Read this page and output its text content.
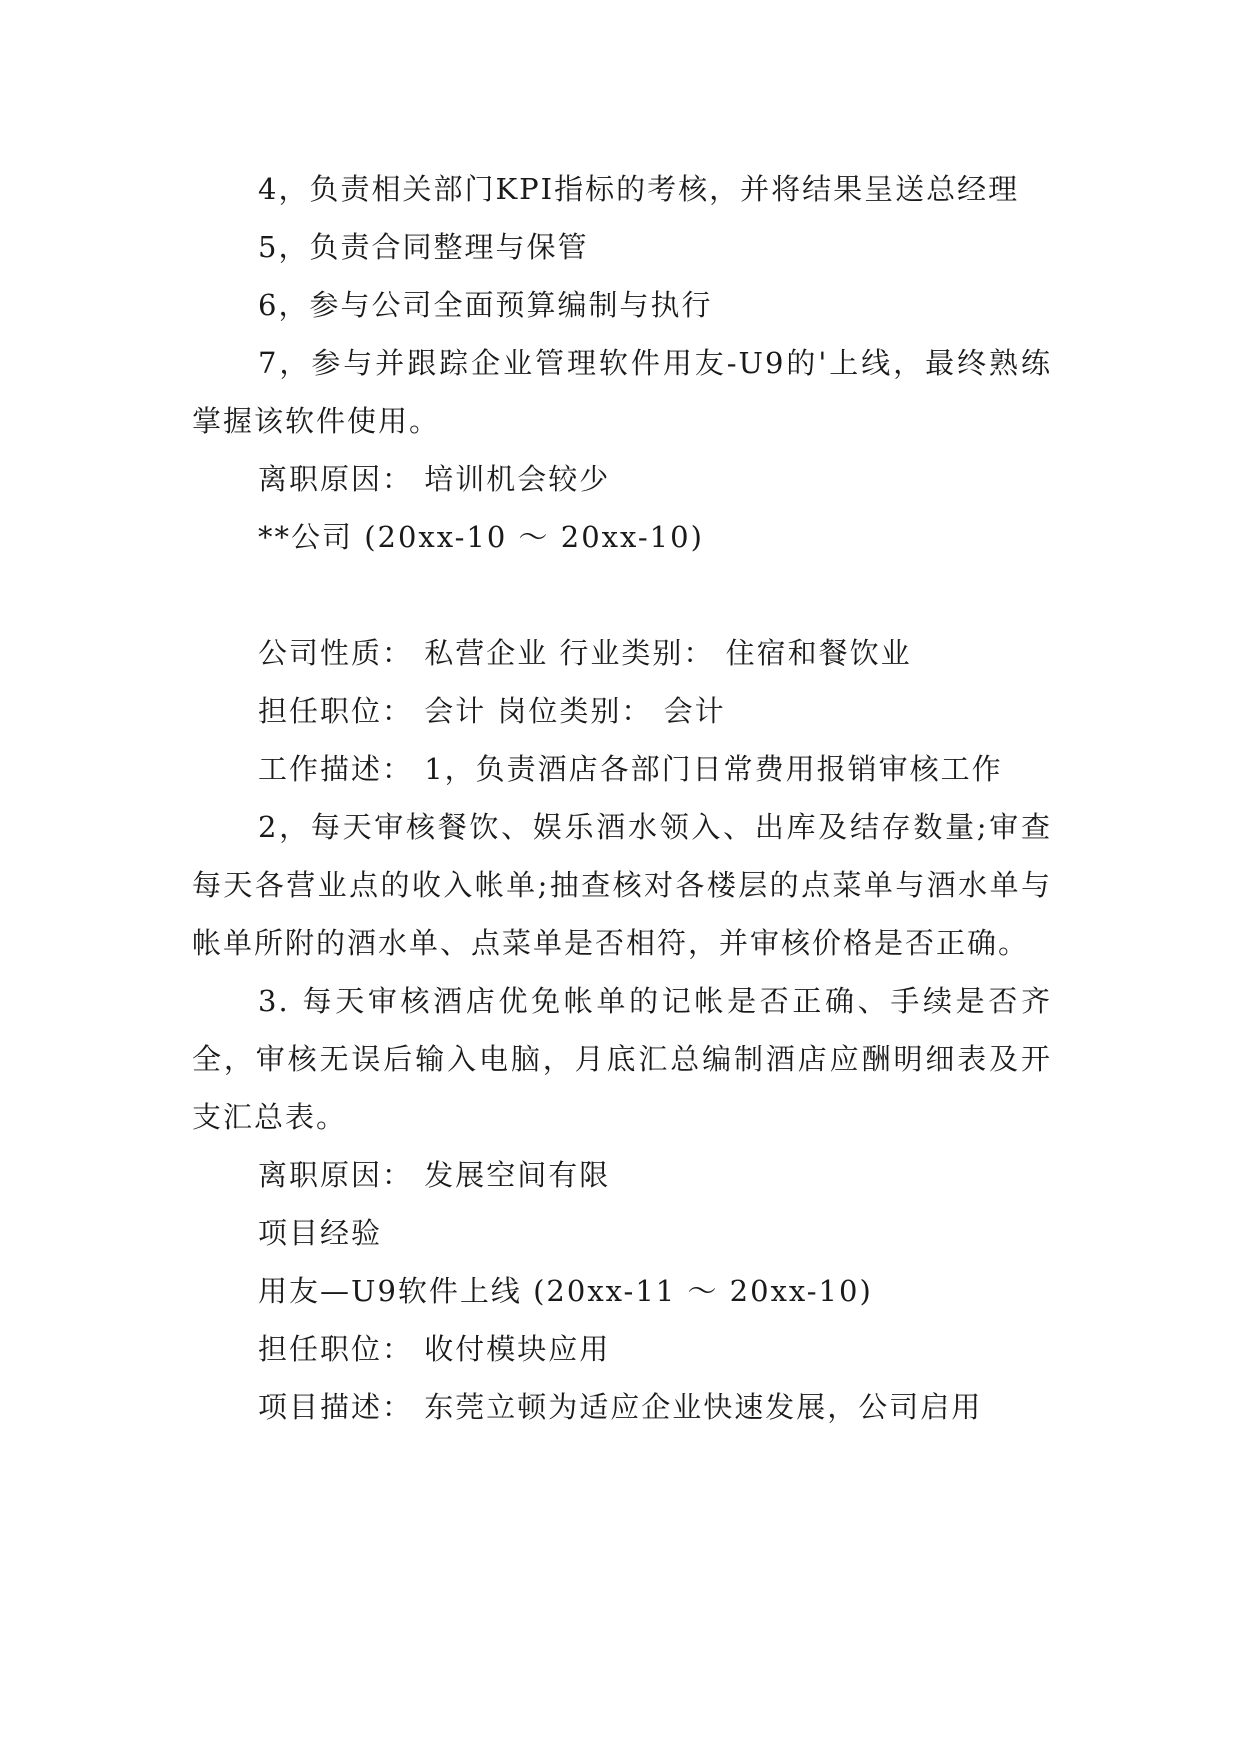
4，负责相关部门KPI指标的考核，并将结果呈送总经理

5，负责合同整理与保管

6，参与公司全面预算编制与执行

7，参与并跟踪企业管理软件用友-U9的'上线，最终熟练掌握该软件使用。

离职原因： 培训机会较少

**公司 (20xx-10 ～ 20xx-10)

公司性质： 私营企业 行业类别： 住宿和餐饮业

担任职位： 会计 岗位类别： 会计

工作描述： 1，负责酒店各部门日常费用报销审核工作

2，每天审核餐饮、娱乐酒水领入、出库及结存数量;审查每天各营业点的收入帐单;抽查核对各楼层的点菜单与酒水单与帐单所附的酒水单、点菜单是否相符，并审核价格是否正确。

3. 每天审核酒店优免帐单的记帐是否正确、手续是否齐全，审核无误后输入电脑，月底汇总编制酒店应酬明细表及开支汇总表。

离职原因： 发展空间有限

项目经验

用友—U9软件上线 (20xx-11 ～ 20xx-10)

担任职位： 收付模块应用

项目描述： 东莞立顿为适应企业快速发展，公司启用
